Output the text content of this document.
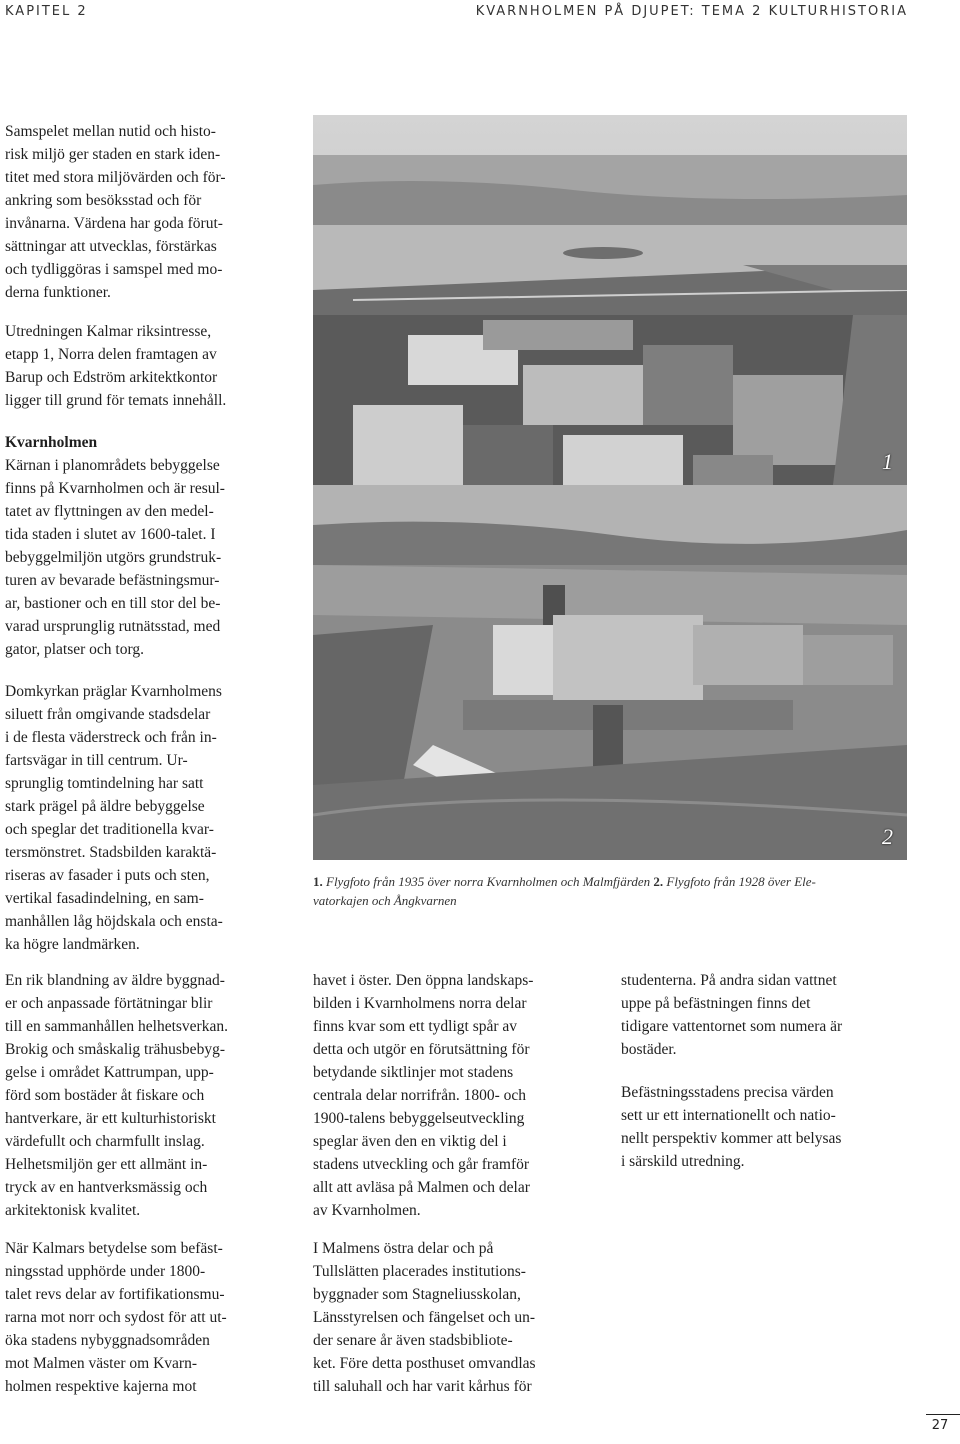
KAPITEL 2	KVARNHOLMEN PÅ DJUPET: TEMA 2 KULTURHISTORIA

Samspelet mellan nutid och histo-
risk miljö ger staden en stark iden-
titet med stora miljövärden och för-
ankring som besöksstad och för
invånarna. Värdena har goda förut-
sättningar att utvecklas, förstärkas
och tydliggöras i samspel med mo-
derna funktioner.

Utredningen Kalmar riksintresse,
etapp 1, Norra delen framtagen av
Barup och Edström arkitektkontor
ligger till grund för temats innehåll.

Kvarnholmen
Kärnan i planområdets bebyggelse
finns på Kvarnholmen och är resul-
tatet av flyttningen av den medel-
tida staden i slutet av 1600-talet. I
bebyggelmiljön utgörs grundstruk-
turen av bevarade befästningsmur-
ar, bastioner och en till stor del be-
varad ursprunglig rutnätsstad, med
gator, platser och torg.

Domkyrkan präglar Kvarnholmens
siluett från omgivande stadsdelar
i de flesta väderstreck och från in-
fartsvägar in till centrum. Ur-
sprunglig tomtindelning har satt
stark prägel på äldre bebyggelse
och speglar det traditionella kvar-
tersmönstret. Stadsbilden karaktä-
riseras av fasader i puts och sten,
vertikal fasadindelning, en sam-
manhållen låg höjdskala och ensta-
ka högre landmärken.

En rik blandning av äldre byggnad-
er och anpassade förtätningar blir
till en sammanhållen helhetsverkan.
Brokig och småskalig trähusbebyg-
gelse i området Kattrumpan, upp-
förd som bostäder åt fiskare och
hantverkare, är ett kulturhistoriskt
värdefullt och charmfullt inslag.
Helhetsmiljön ger ett allmänt in-
tryck av en hantverksmässig och
arkitektonisk kvalitet.

När Kalmars betydelse som befäst-
ningsstad upphörde under 1800-
talet revs delar av fortifikationsmu-
rarna mot norr och sydost för att ut-
öka stadens nybyggnadsområden
mot Malmen väster om Kvarn-
holmen respektive kajerna mot

1
2

1. Flygfoto från 1935 över norra Kvarnholmen och Malmfjärden 2. Flygfoto från 1928 över Ele-
vatorkajen och Ångkvarnen

havet i öster. Den öppna landskaps-
bilden i Kvarnholmens norra delar
finns kvar som ett tydligt spår av
detta och utgör en förutsättning för
betydande siktlinjer mot stadens
centrala delar norrifrån. 1800- och
1900-talens bebyggelseutveckling
speglar även den en viktig del i
stadens utveckling och går framför
allt att avläsa på Malmen och delar
av Kvarnholmen.

I Malmens östra delar och på
Tullslätten placerades institutions-
byggnader som Stagneliusskolan,
Länsstyrelsen och fängelset och un-
der senare år även stadsbibliote-
ket. Före detta posthuset omvandlas
till saluhall och har varit kårhus för

studenterna. På andra sidan vattnet
uppe på befästningen finns det
tidigare vattentornet som numera är
bostäder.

Befästningsstadens precisa värden
sett ur ett internationellt och natio-
nellt perspektiv kommer att belysas
i särskild utredning.

27
